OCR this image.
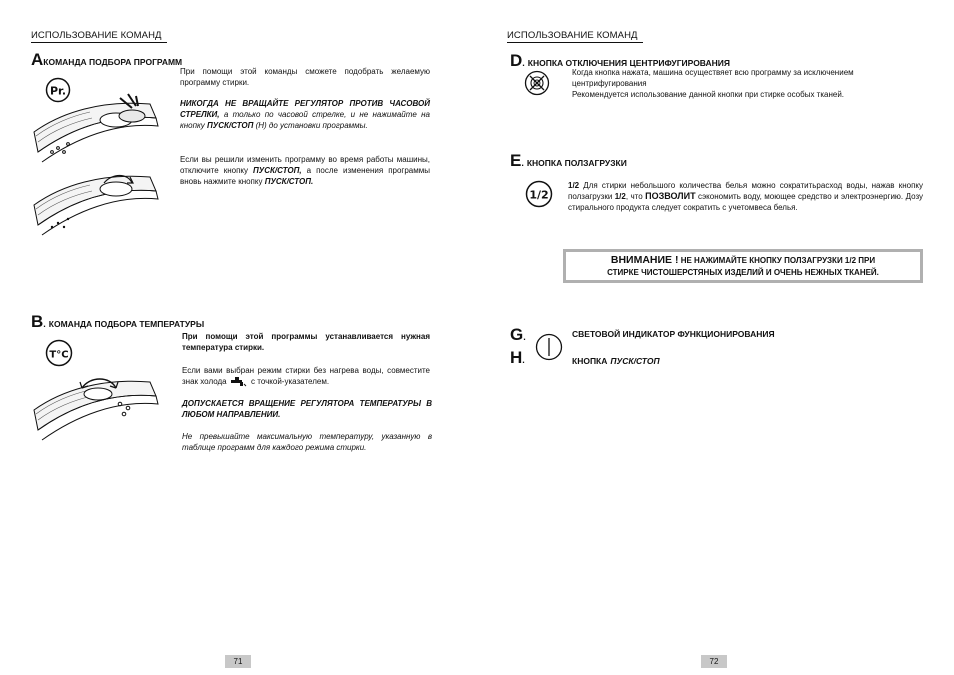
ИСПОЛЬЗОВАНИЕ КОМАНД
A КОМАНДА ПОДБОРА ПРОГРАММ
Pr.
При помощи этой команды сможете подобрать желаемую программу стирки.
НИКОГДА НЕ ВРАЩАЙТЕ РЕГУЛЯТОР ПРОТИВ ЧАСОВОЙ СТРЕЛКИ, а только по часовой стрелке, и не нажимайте на кнопку ПУСК/СТОП (H) до установки программы.
Если вы решили изменить программу во время работы машины, отключите кнопку ПУСК/СТОП, а после изменения программы вновь нажмите кнопку ПУСК/СТОП.
B . КОМАНДА ПОДБОРА ТЕМПЕРАТУРЫ
T°C
При помощи этой программы устанавливается нужная температура стирки.
Если вами выбран режим стирки без нагрева воды, совместите знак холода	с точкой-указателем.
ДОПУСКАЕТСЯ ВРАЩЕНИЕ РЕГУЛЯТОРА ТЕМПЕРАТУРЫ В ЛЮБОМ НАПРАВЛЕНИИ.
Не превышайте максимальную температуру, указанную в таблице программ для каждого режима стирки.
71
ИСПОЛЬЗОВАНИЕ КОМАНД
D . КНОПКА ОТКЛЮЧЕНИЯ ЦЕНТРИФУГИРОВАНИЯ
Когда кнопка нажата, машина осуществяет всю программу за исключением центрифугирования
Рекомендуется использование данной кнопки при стирке особых тканей.
E . КНОПКА ПОЛЗАГРУЗКИ
1/2
1/2 Для стирки небольшого количества белья можно сократитьрасход воды, нажав кнопку ползагрузки 1/2, что ПОЗВОЛИТ сэкономить воду, моющее средство и электроэнергию. Дозу стирального продукта следует сократить с учетомвеса белья.
ВНИМАНИЕ ! НЕ НАЖИМАЙТЕ КНОПКУ ПОЛЗАГРУЗКИ 1/2 ПРИ
СТИРКЕ ЧИСТОШЕРСТЯНЫХ ИЗДЕЛИЙ И ОЧЕНЬ НЕЖНЫХ ТКАНЕЙ.
G .	СВЕТОВОЙ ИНДИКАТОР ФУНКЦИОНИРОВАНИЯ
H .	КНОПКА ПУСК/СТОП
72
